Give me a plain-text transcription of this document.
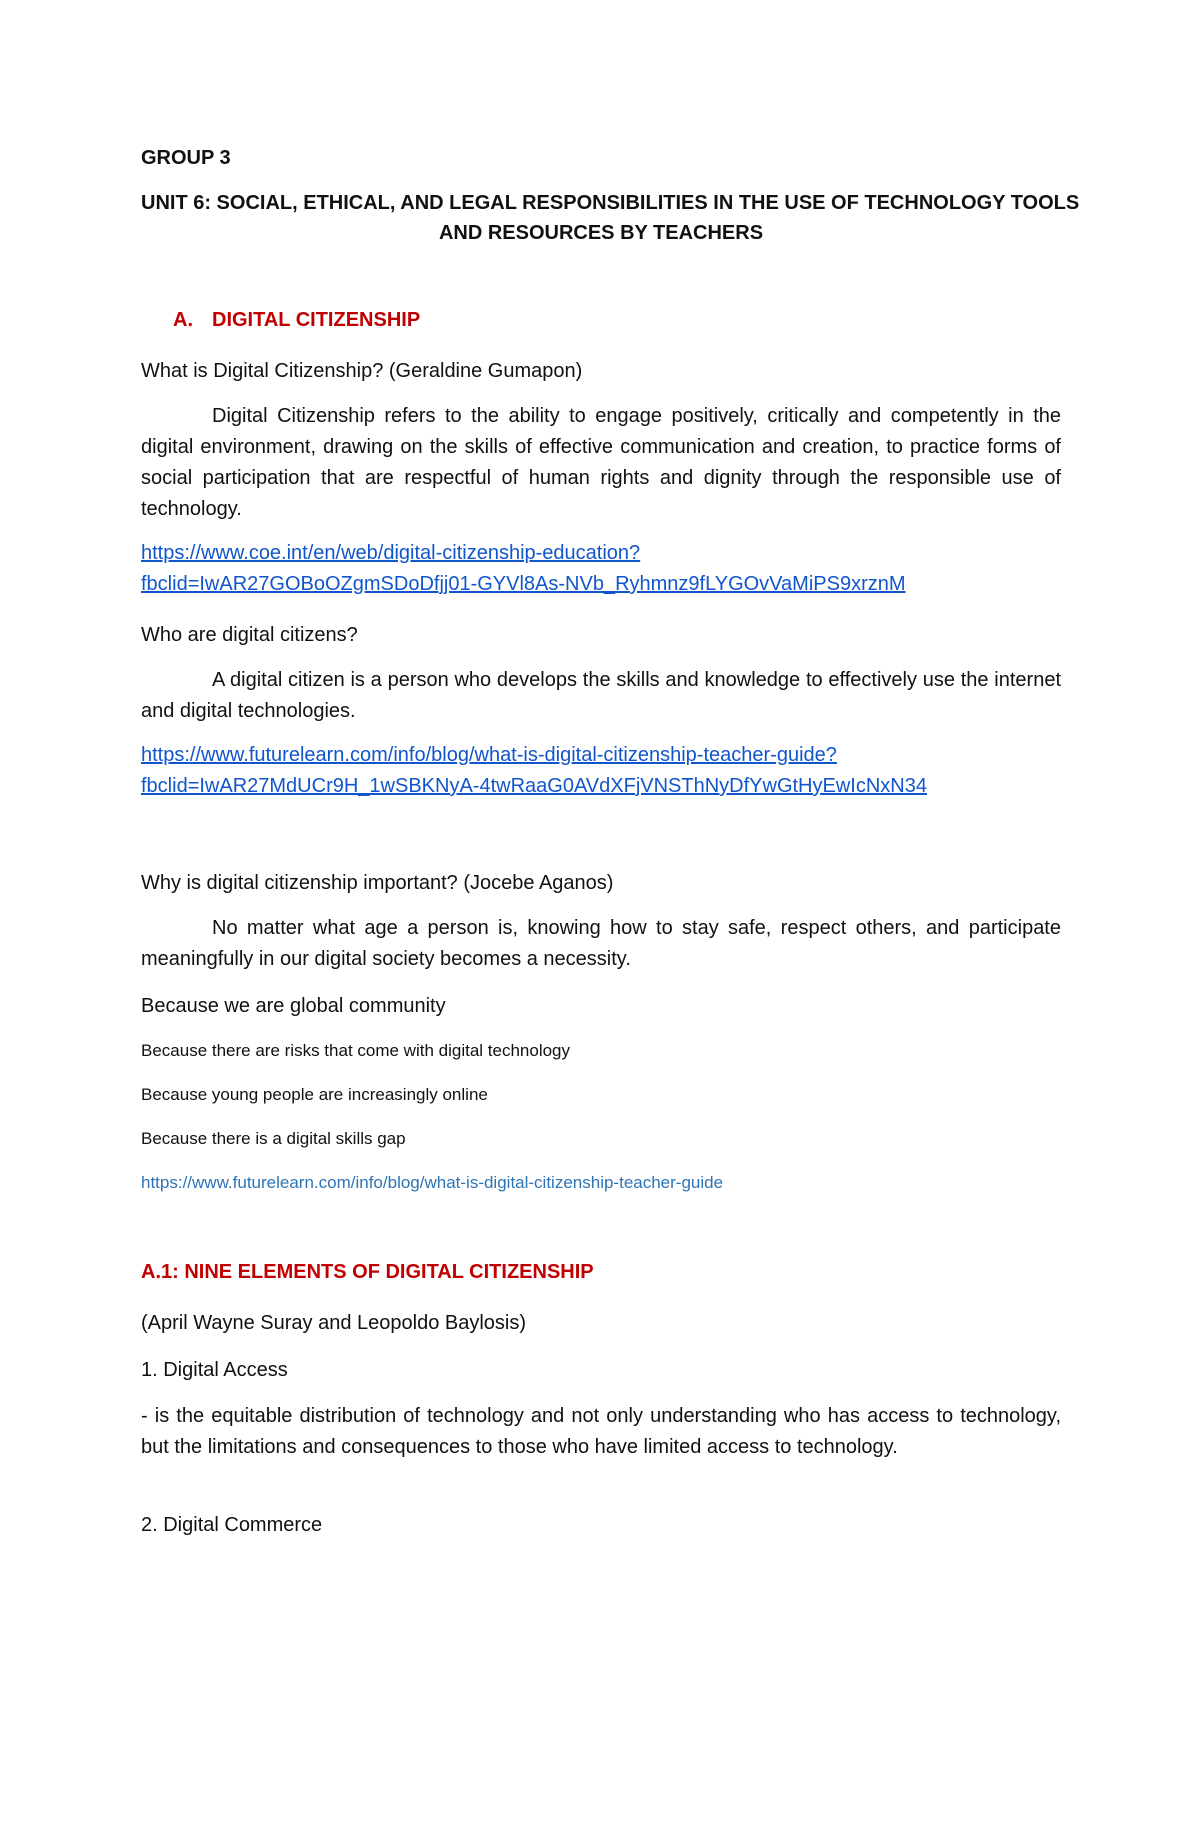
GROUP 3
UNIT 6: SOCIAL, ETHICAL, AND LEGAL RESPONSIBILITIES IN THE USE OF TECHNOLOGY TOOLS
AND RESOURCES BY TEACHERS
A. DIGITAL CITIZENSHIP
What is Digital Citizenship? (Geraldine Gumapon)
Digital Citizenship refers to the ability to engage positively, critically and competently in the digital environment, drawing on the skills of effective communication and creation, to practice forms of social participation that are respectful of human rights and dignity through the responsible use of technology.
https://www.coe.int/en/web/digital-citizenship-education?
fbclid=IwAR27GOBoOZgmSDoDfjj01-GYVl8As-NVb_Ryhmnz9fLYGOvVaMiPS9xrznM
Who are digital citizens?
A digital citizen is a person who develops the skills and knowledge to effectively use the internet and digital technologies.
https://www.futurelearn.com/info/blog/what-is-digital-citizenship-teacher-guide?
fbclid=IwAR27MdUCr9H_1wSBKNyA-4twRaaG0AVdXFjVNSThNyDfYwGtHyEwIcNxN34
Why is digital citizenship important? (Jocebe Aganos)
No matter what age a person is, knowing how to stay safe, respect others, and participate meaningfully in our digital society becomes a necessity.
Because we are global community
Because there are risks that come with digital technology
Because young people are increasingly online
Because there is a digital skills gap
https://www.futurelearn.com/info/blog/what-is-digital-citizenship-teacher-guide
A.1: NINE ELEMENTS OF DIGITAL CITIZENSHIP
(April Wayne Suray and Leopoldo Baylosis)
1. Digital Access
- is the equitable distribution of technology and not only understanding who has access to technology, but the limitations and consequences to those who have limited access to technology.
2. Digital Commerce
